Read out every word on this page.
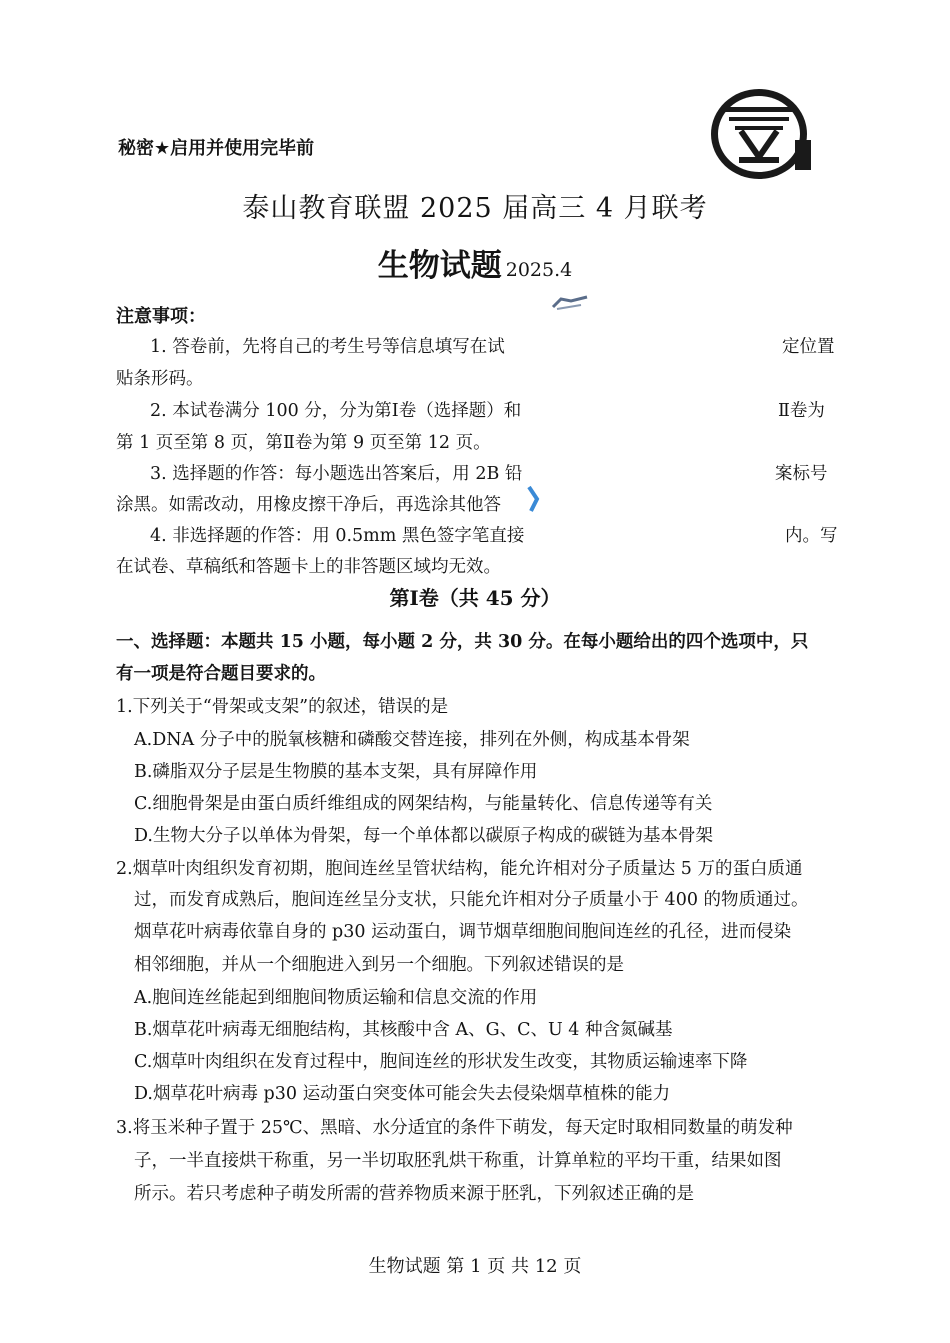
秘密★启用并使用完毕前
泰山教育联盟 2025 届高三 4 月联考
生物试题 2025.4
注意事项：
1. 答卷前，先将自己的考生号等信息填写在试	定位置
贴条形码。
2. 本试卷满分 100 分，分为第Ⅰ卷（选择题）和	Ⅱ卷为
第 1 页至第 8 页，第Ⅱ卷为第 9 页至第 12 页。
3. 选择题的作答：每小题选出答案后，用 2B 铅	案标号
涂黑。如需改动，用橡皮擦干净后，再选涂其他答
4. 非选择题的作答：用 0.5mm 黑色签字笔直接	内。写
在试卷、草稿纸和答题卡上的非答题区域均无效。
第Ⅰ卷（共 45 分）
一、选择题：本题共 15 小题，每小题 2 分，共 30 分。在每小题给出的四个选项中，只
有一项是符合题目要求的。
1.下列关于“骨架或支架”的叙述，错误的是
A.DNA 分子中的脱氧核糖和磷酸交替连接，排列在外侧，构成基本骨架
B.磷脂双分子层是生物膜的基本支架，具有屏障作用
C.细胞骨架是由蛋白质纤维组成的网架结构，与能量转化、信息传递等有关
D.生物大分子以单体为骨架，每一个单体都以碳原子构成的碳链为基本骨架
2.烟草叶肉组织发育初期，胞间连丝呈管状结构，能允许相对分子质量达 5 万的蛋白质通
过，而发育成熟后，胞间连丝呈分支状，只能允许相对分子质量小于 400 的物质通过。
烟草花叶病毒依靠自身的 p30 运动蛋白，调节烟草细胞间胞间连丝的孔径，进而侵染
相邻细胞，并从一个细胞进入到另一个细胞。下列叙述错误的是
A.胞间连丝能起到细胞间物质运输和信息交流的作用
B.烟草花叶病毒无细胞结构，其核酸中含 A、G、C、U 4 种含氮碱基
C.烟草叶肉组织在发育过程中，胞间连丝的形状发生改变，其物质运输速率下降
D.烟草花叶病毒 p30 运动蛋白突变体可能会失去侵染烟草植株的能力
3.将玉米种子置于 25℃、黑暗、水分适宜的条件下萌发，每天定时取相同数量的萌发种
子，一半直接烘干称重，另一半切取胚乳烘干称重，计算单粒的平均干重，结果如图
所示。若只考虑种子萌发所需的营养物质来源于胚乳，下列叙述正确的是
生物试题 第 1 页 共 12 页
